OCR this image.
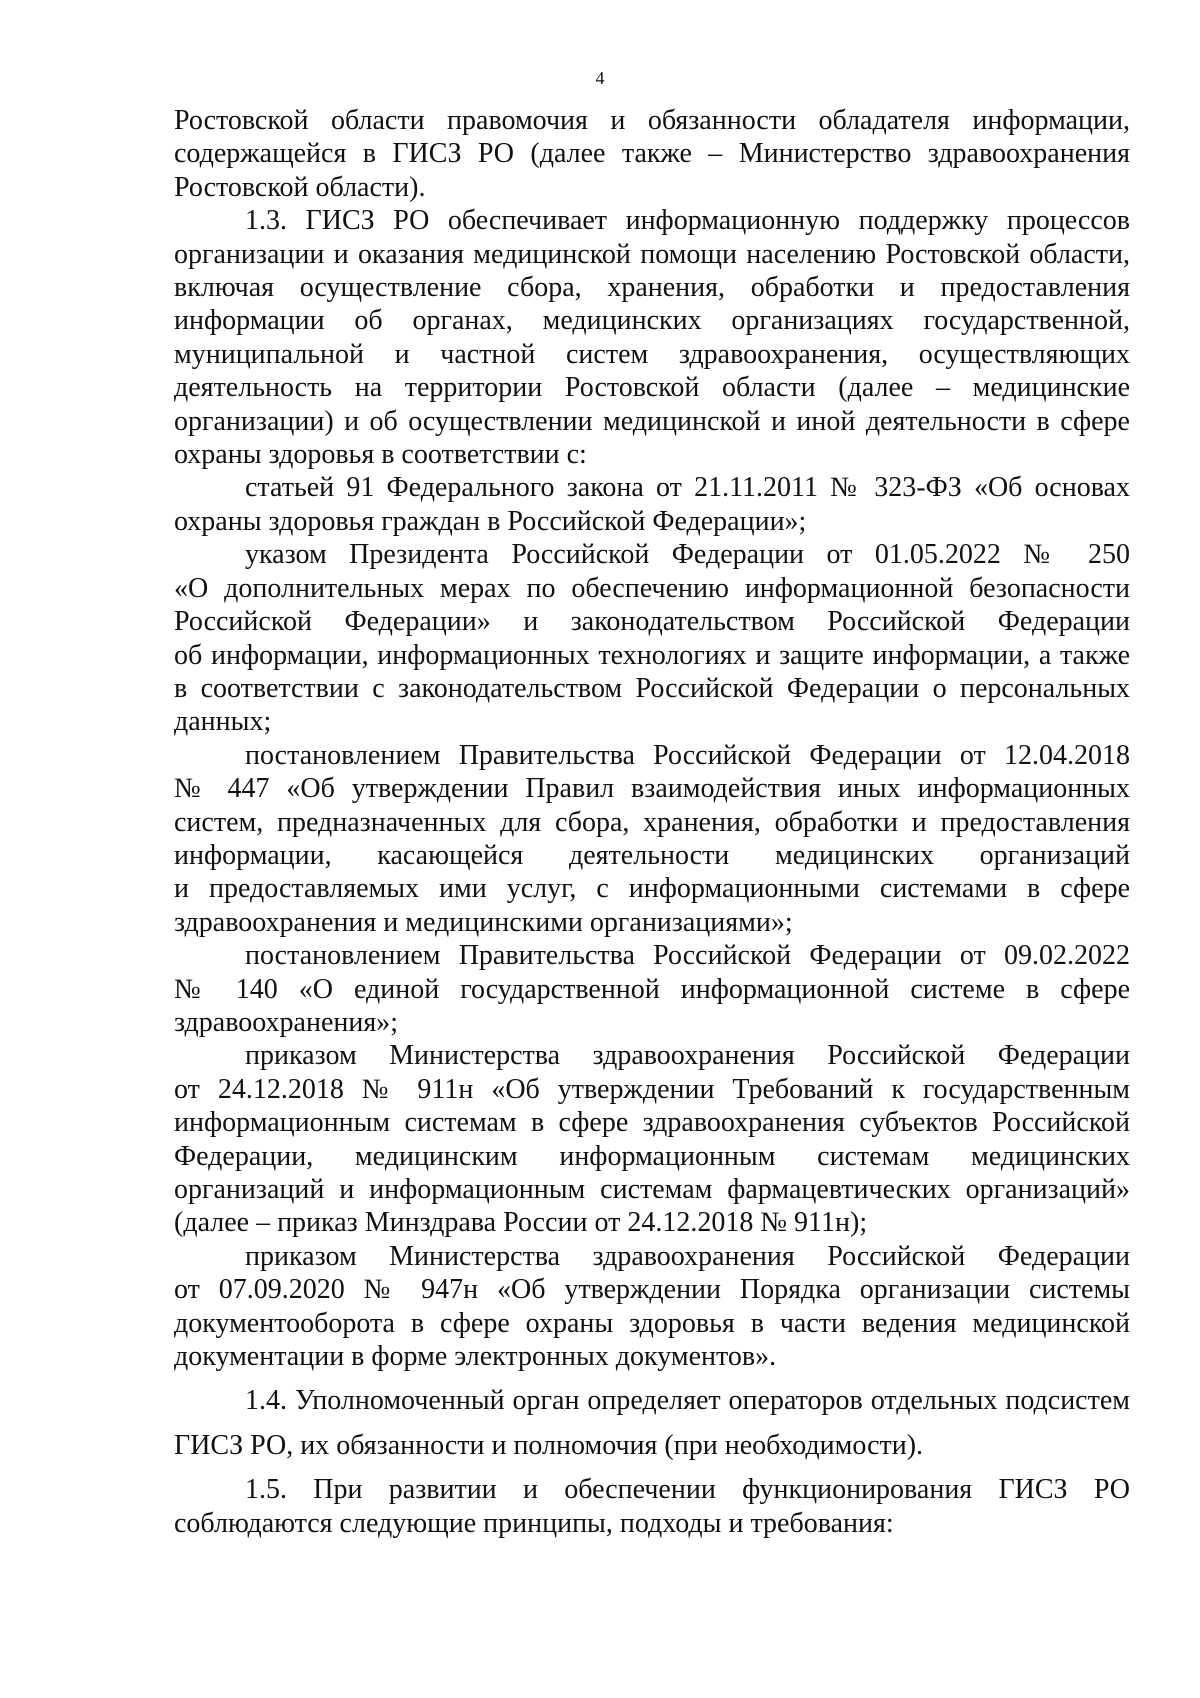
4
Ростовской области правомочия и обязанности обладателя информации,
содержащейся в ГИСЗ РО (далее также – Министерство здравоохранения
Ростовской области).
1.3. ГИСЗ РО обеспечивает информационную поддержку процессов
организации и оказания медицинской помощи населению Ростовской области,
включая осуществление сбора, хранения, обработки и предоставления
информации об органах, медицинских организациях государственной,
муниципальной и частной систем здравоохранения, осуществляющих
деятельность на территории Ростовской области (далее – медицинские
организации) и об осуществлении медицинской и иной деятельности в сфере
охраны здоровья в соответствии с:
статьей 91 Федерального закона от 21.11.2011 № 323-ФЗ «Об основах
охраны здоровья граждан в Российской Федерации»;
указом Президента Российской Федерации от 01.05.2022 № 250
«О дополнительных мерах по обеспечению информационной безопасности
Российской Федерации» и законодательством Российской Федерации
об информации, информационных технологиях и защите информации, а также
в соответствии с законодательством Российской Федерации о персональных
данных;
постановлением Правительства Российской Федерации от 12.04.2018
№ 447 «Об утверждении Правил взаимодействия иных информационных
систем, предназначенных для сбора, хранения, обработки и предоставления
информации, касающейся деятельности медицинских организаций
и предоставляемых ими услуг, с информационными системами в сфере
здравоохранения и медицинскими организациями»;
постановлением Правительства Российской Федерации от 09.02.2022
№ 140 «О единой государственной информационной системе в сфере
здравоохранения»;
приказом Министерства здравоохранения Российской Федерации
от 24.12.2018 № 911н «Об утверждении Требований к государственным
информационным системам в сфере здравоохранения субъектов Российской
Федерации, медицинским информационным системам медицинских
организаций и информационным системам фармацевтических организаций»
(далее – приказ Минздрава России от 24.12.2018 № 911н);
приказом Министерства здравоохранения Российской Федерации
от 07.09.2020 № 947н «Об утверждении Порядка организации системы
документооборота в сфере охраны здоровья в части ведения медицинской
документации в форме электронных документов».
1.4. Уполномоченный орган определяет операторов отдельных подсистем
ГИСЗ РО, их обязанности и полномочия (при необходимости).
1.5. При развитии и обеспечении функционирования ГИСЗ РО
соблюдаются следующие принципы, подходы и требования:
